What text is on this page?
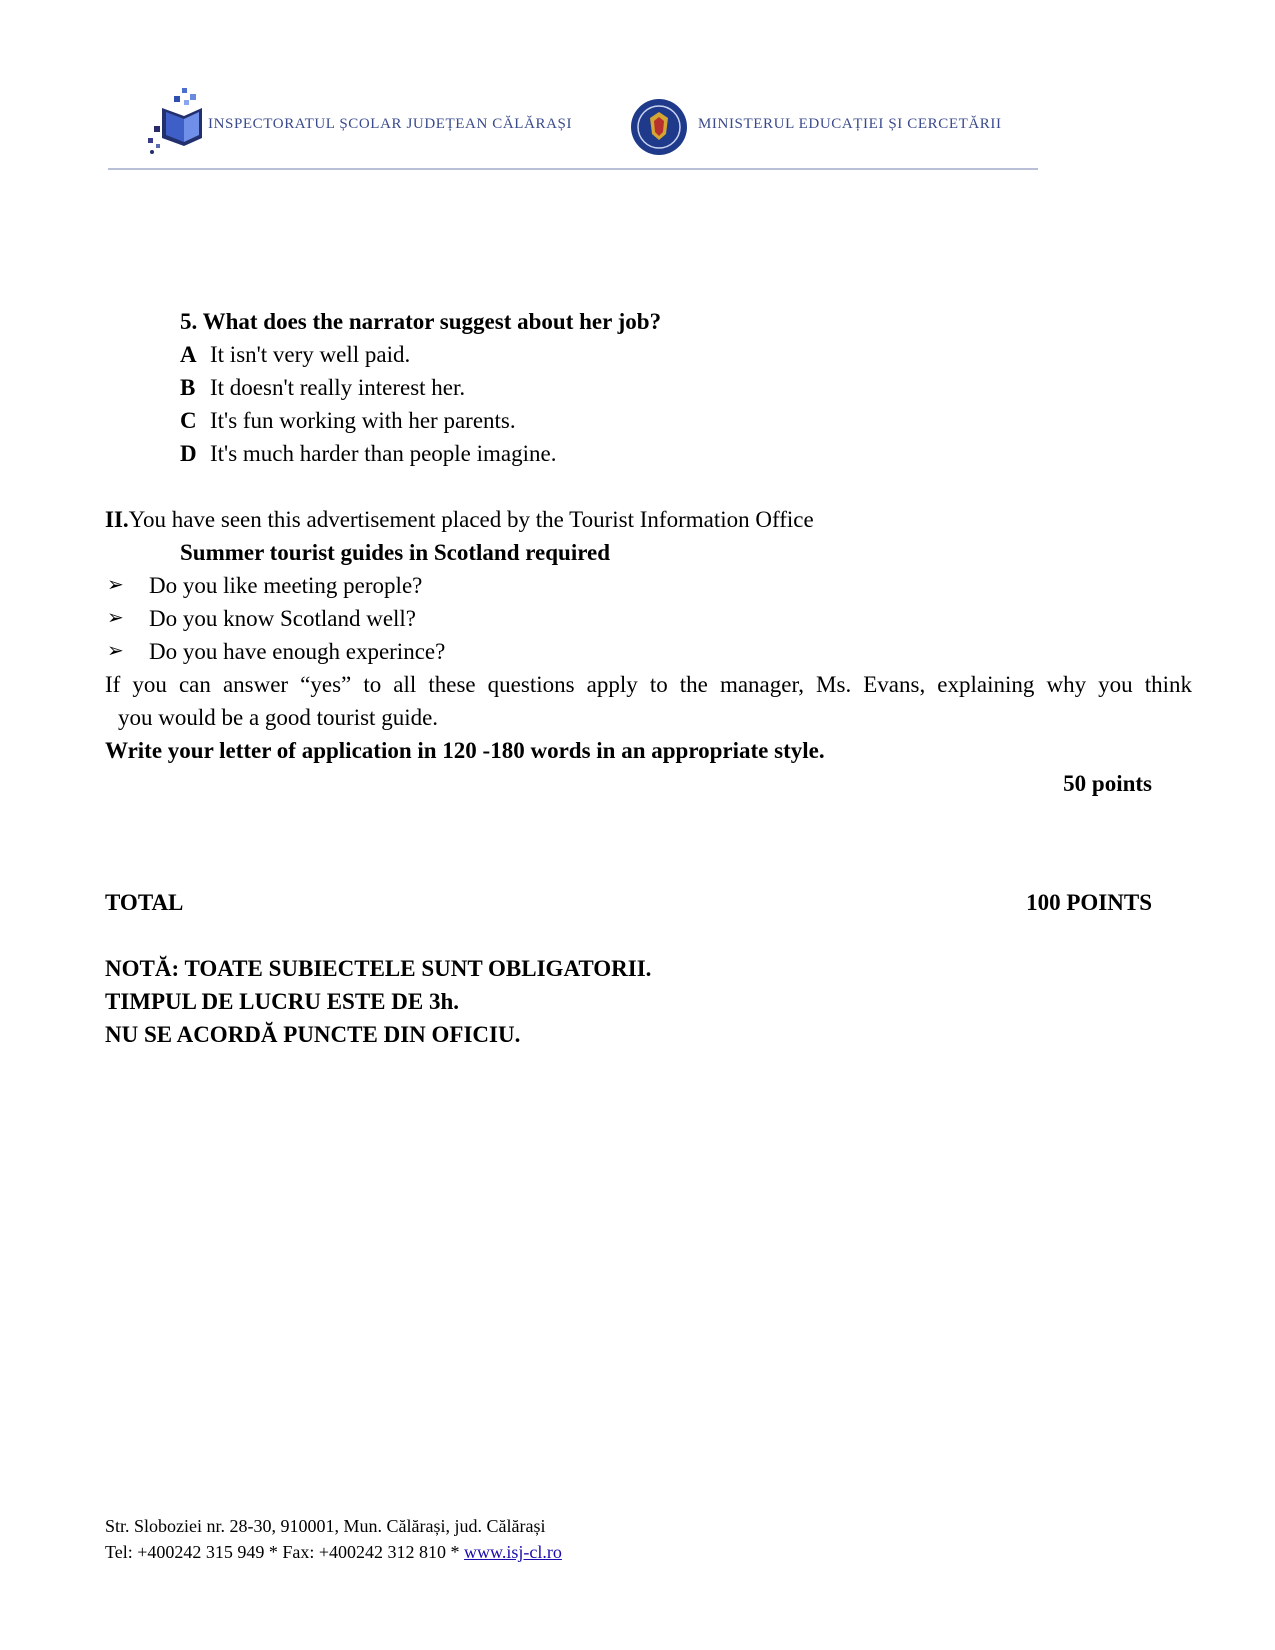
INSPECTORATUL ȘCOLAR JUDEȚEAN CĂLĂRAȘI	MINISTERUL EDUCAȚIEI ȘI CERCETĂRII
5. What does the narrator suggest about her job?
A It isn't very well paid.
B It doesn't really interest her.
C It's fun working with her parents.
D It's much harder than people imagine.
II.You have seen this advertisement placed by the Tourist Information Office
Summer tourist guides in Scotland required
➢ Do you like meeting perople?
➢ Do you know Scotland well?
➢ Do you have enough experince?
If you can answer “yes” to all these questions apply to the manager, Ms. Evans, explaining why you think
you would be a good tourist guide.
Write your letter of application in 120 -180 words in an appropriate style.
50 points
TOTAL	100 POINTS
NOTĂ: TOATE SUBIECTELE SUNT OBLIGATORII.
TIMPUL DE LUCRU ESTE DE 3h.
NU SE ACORDĂ PUNCTE DIN OFICIU.
Str. Sloboziei nr. 28-30, 910001, Mun. Călărași, jud. Călărași
Tel: +400242 315 949 * Fax: +400242 312 810 * www.isj-cl.ro
